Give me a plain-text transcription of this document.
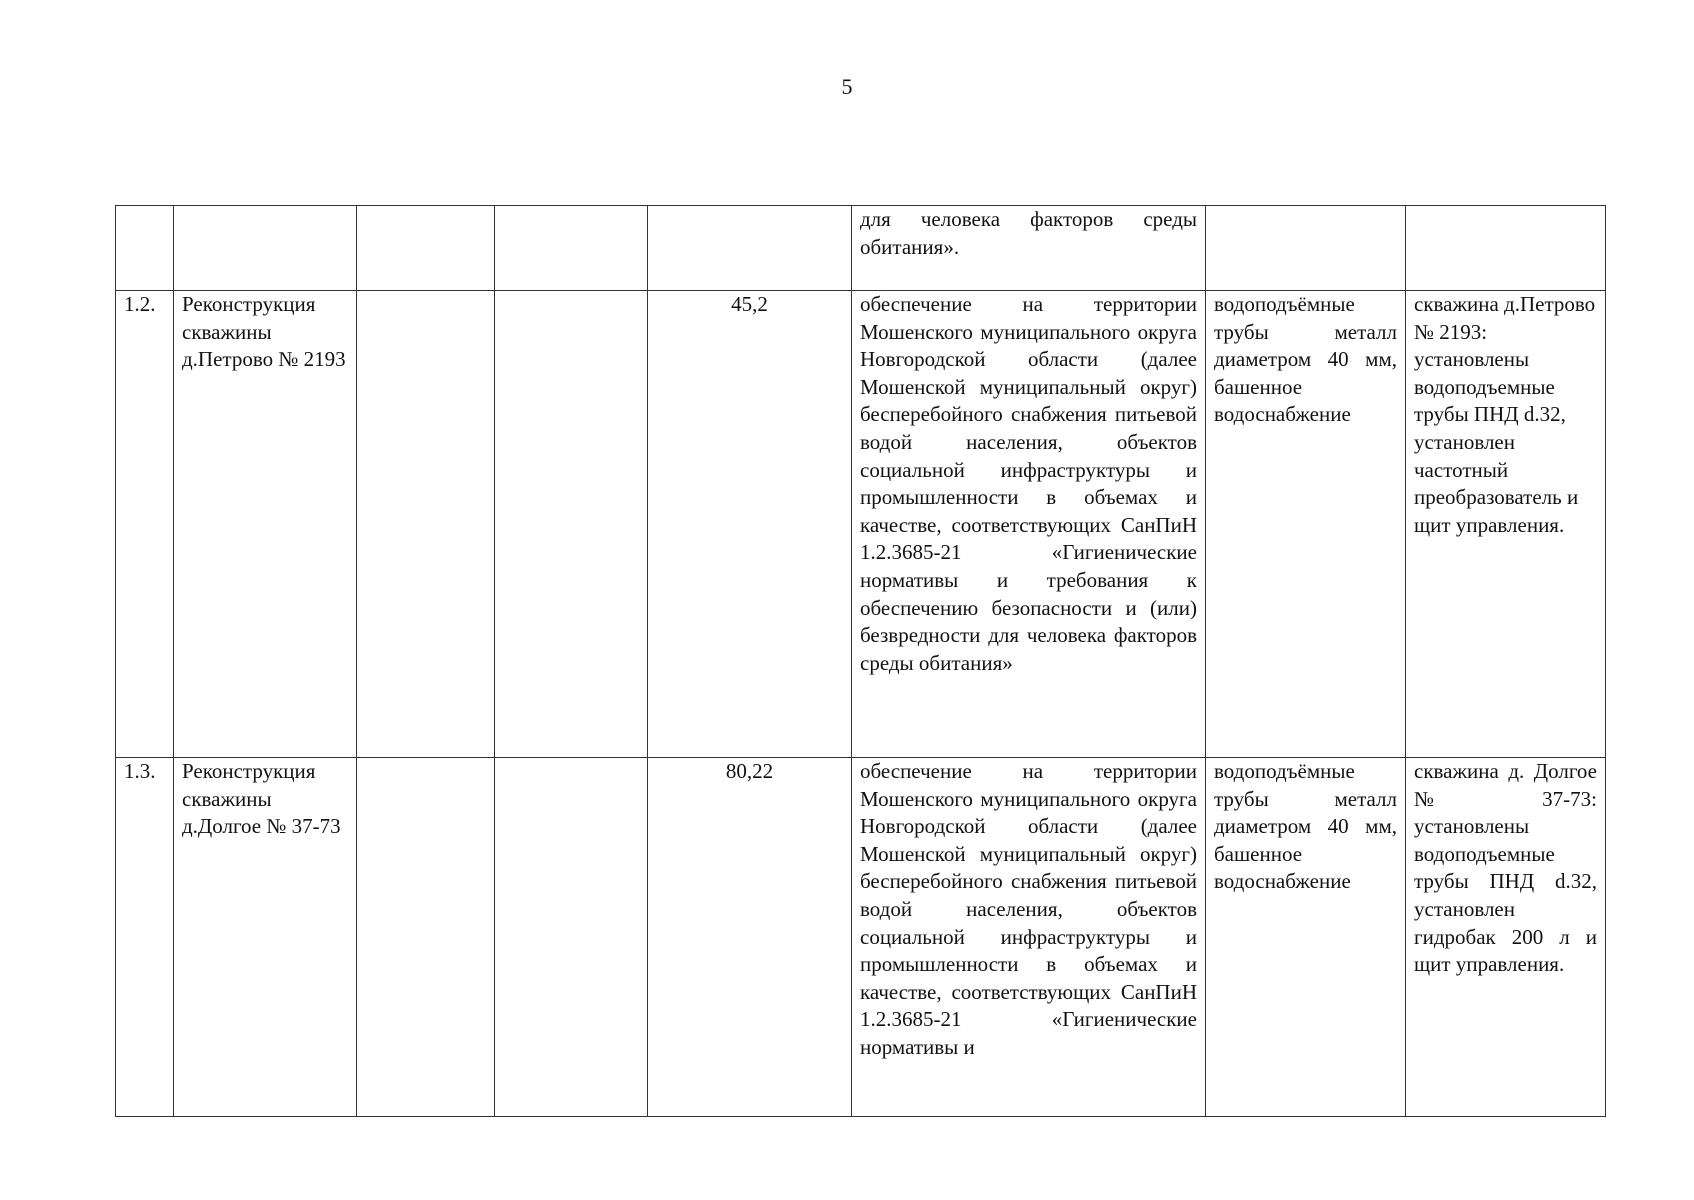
5
					для человека факторов среды обитания».		
1.2.	Реконструкция скважины д.Петрово № 2193			45,2	обеспечение на территории Мошенского муниципального округа Новгородской области (далее Мошенской муниципальный округ) бесперебойного снабжения питьевой водой населения, объектов социальной инфраструктуры и промышленности в объемах и качестве, соответствующих СанПиН 1.2.3685-21 «Гигиенические нормативы и требования к обеспечению безопасности и (или) безвредности для человека факторов среды обитания»	водоподъёмные трубы металл диаметром 40 мм, башенное водоснабжение	скважина д.Петрово № 2193: установлены водоподъемные трубы ПНД d.32, установлен частотный преобразователь и щит управления.
1.3.	Реконструкция скважины д.Долгое № 37-73			80,22	обеспечение на территории Мошенского муниципального округа Новгородской области (далее Мошенской муниципальный округ) бесперебойного снабжения питьевой водой населения, объектов социальной инфраструктуры и промышленности в объемах и качестве, соответствующих СанПиН 1.2.3685-21 «Гигиенические нормативы и	водоподъёмные трубы металл диаметром 40 мм, башенное водоснабжение	скважина д. Долгое № 37-73: установлены водоподъемные трубы ПНД d.32, установлен гидробак 200 л и щит управления.
